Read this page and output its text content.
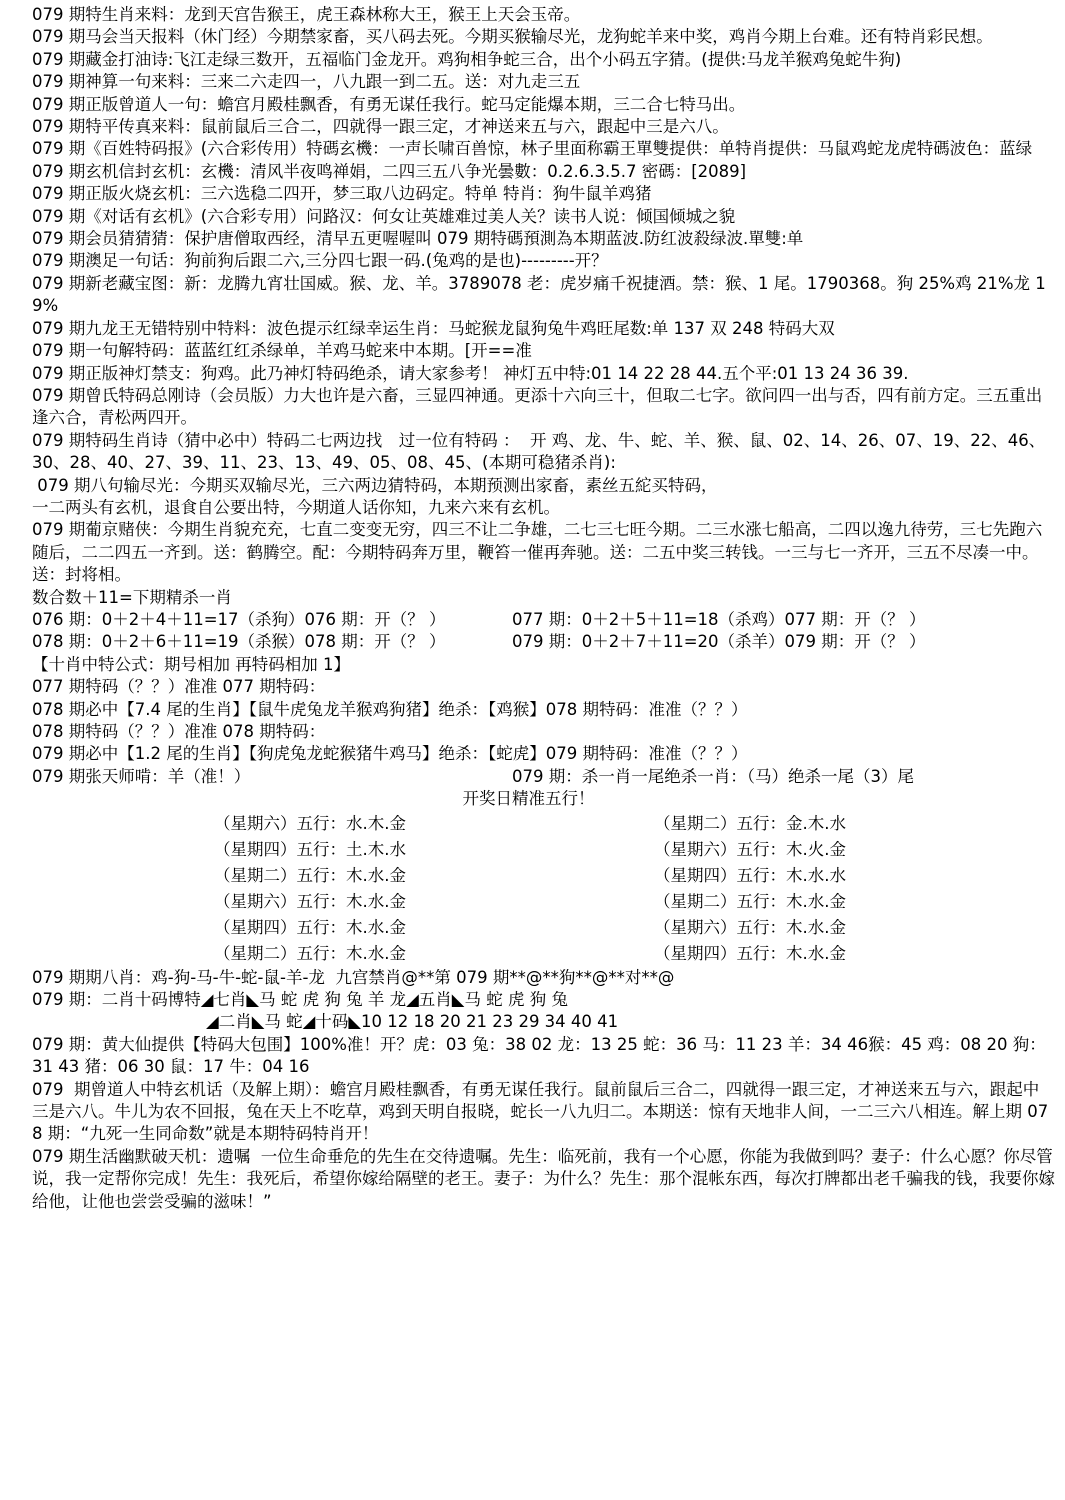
079 期特生肖来料：龙到天宫告猴王，虎王森林称大王，猴王上天会玉帝。
079 期马会当天报料（休门经）今期禁家畜，买八码去死。今期买猴输尽光，龙狗蛇羊来中奖，鸡肖今期上台难。还有特肖彩民想。
079 期藏金打油诗:飞江走绿三数开，五福临门金龙开。鸡狗相争蛇三合，出个小码五字猜。(提供:马龙羊猴鸡兔蛇牛狗)
079 期神算一句来料：三来二六走四一，八九跟一到二五。送：对九走三五
079 期正版曾道人一句：蟾宫月殿桂飘香，有勇无谋任我行。蛇马定能爆本期，三二合七特马出。
079 期特平传真来料：鼠前鼠后三合二，四就得一跟三定，才神送来五与六，跟起中三是六八。
079 期《百姓特码报》(六合彩传用）特碼玄機：一声长啸百兽惊，林子里面称霸王單雙提供：单特肖提供：马鼠鸡蛇龙虎特碼波色：蓝绿
079 期玄机信封玄机：玄機：清风半夜鸣禅娟，二四三五八争光曇數：0.2.6.3.5.7 密碼：[2089]
079 期正版火烧玄机：三六选稳二四开，梦三取八边码定。特单 特肖：狗牛鼠羊鸡猪
079 期《对话有玄机》(六合彩专用）问路汉：何女让英雄难过美人关？读书人说：倾国倾城之貌
079 期会员猜猜猜：保护唐僧取西经，清早五更喔喔叫 079 期特碼預測為本期蓝波.防红波殺绿波.單雙:单
079 期澳足一句话：狗前狗后跟二六,三分四七跟一码.(兔鸡的是也)---------开？
079 期新老藏宝图：新：龙腾九宵壮国威。猴、龙、羊。3789078 老：虎岁痛千祝捷酒。禁：猴、1 尾。1790368。狗 25%鸡 21%龙 19%
079 期九龙王无错特别中特料：波色提示红绿幸运生肖：马蛇猴龙鼠狗兔牛鸡旺尾数:单 137 双 248 特码大双
079 期一句解特码：蓝蓝红红杀绿单，羊鸡马蛇来中本期。[开==准
079 期正版神灯禁支：狗鸡。此乃神灯特码绝杀，请大家参考！ 神灯五中特:01 14 22 28 44.五个平:01 13 24 36 39.
079 期曾氏特码总刚诗（会员版）力大也许是六畜，三显四神通。更添十六向三十，但取二七字。欲问四一出与否，四有前方定。三五重出逢六合，青松两四开。
079 期特码生肖诗（猜中必中）特码二七两边找　过一位有特码 ：  开 鸡、龙、牛、蛇、羊、猴、鼠、02、14、26、07、19、22、46、30、28、40、27、39、11、23、13、49、05、08、45、(本期可稳猪杀肖):
079 期八句输尽光：今期买双输尽光，三六两边猜特码，本期预测出家畜，素丝五紽买特码，
一二两头有玄机，退食自公要出特，今期道人话你知，九来六来有玄机。
079 期葡京赌侠：今期生肖貌充充，七直二变变无穷，四三不让二争雄，二七三七旺今期。二三水涨七船高，二四以逸九待劳，三七先跑六随后，二二四五一齐到。送：鹤腾空。配：今期特码奔万里，鞭笞一催再奔驰。送：二五中奖三转钱。一三与七一齐开，三五不尽凑一中。送：封将相。
数合数＋11=下期精杀一肖
076 期：0＋2＋4＋11=17（杀狗）076 期：开（？ ）	077 期：0＋2＋5＋11=18（杀鸡）077 期：开（？ ）
078 期：0＋2＋6＋11=19（杀猴）078 期：开（？ ）	079 期：0＋2＋7＋11=20（杀羊）079 期：开（？ ）
【十肖中特公式：期号相加 再特码相加 1】
077 期特码（？？）准准 077 期特码：
078 期必中【7.4 尾的生肖】【鼠牛虎兔龙羊猴鸡狗猪】绝杀：【鸡猴】078 期特码：准准（？？）
078 期特码（？？）准准 078 期特码：
079 期必中【1.2 尾的生肖】【狗虎兔龙蛇猴猪牛鸡马】绝杀：【蛇虎】079 期特码：准准（？？）
079 期张天师啃：羊（准！）	079 期：杀一肖一尾绝杀一肖：（马）绝杀一尾（3）尾
开奖日精准五行！
（星期六）五行：水.木.金	（星期二）五行：金.木.水
（星期四）五行：土.木.水	（星期六）五行：木.火.金
（星期二）五行：木.水.金	（星期四）五行：木.水.水
（星期六）五行：木.水.金	（星期二）五行：木.水.金
（星期四）五行：木.水.金	（星期六）五行：木.水.金
（星期二）五行：木.水.金	（星期四）五行：木.水.金
079 期期八肖：鸡-狗-马-牛-蛇-鼠-羊-龙  九宫禁肖@**第 079 期**@**狗**@**对**@
079 期：二肖十码博特◢七肖◣马 蛇 虎 狗 兔 羊 龙◢五肖◣马 蛇 虎 狗 兔
◢二肖◣马 蛇◢十码◣10 12 18 20 21 23 29 34 40 41
079 期：黄大仙提供【特码大包围】100%准！开？虎：03 兔：38 02 龙：13 25 蛇：36 马：11 23 羊：34 46猴：45 鸡：08 20 狗：31 43 猪：06 30 鼠：17 牛：04 16
079  期曾道人中特玄机话（及解上期）：蟾宫月殿桂飘香，有勇无谋任我行。鼠前鼠后三合二，四就得一跟三定，才神送来五与六，跟起中三是六八。牛儿为农不回报，兔在天上不吃草，鸡到天明自报晓，蛇长一八九归二。本期送：惊有天地非人间，一二三六八相连。解上期 078 期：“九死一生同命数”就是本期特码特肖开！
079 期生活幽默破天机：遗嘱  一位生命垂危的先生在交待遗嘱。先生：临死前，我有一个心愿，你能为我做到吗？妻子：什么心愿？你尽管说，我一定帮你完成！先生：我死后，希望你嫁给隔壁的老王。妻子：为什么？先生：那个混帐东西，每次打牌都出老千骗我的钱，我要你嫁给他，让他也尝尝受骗的滋味！”
